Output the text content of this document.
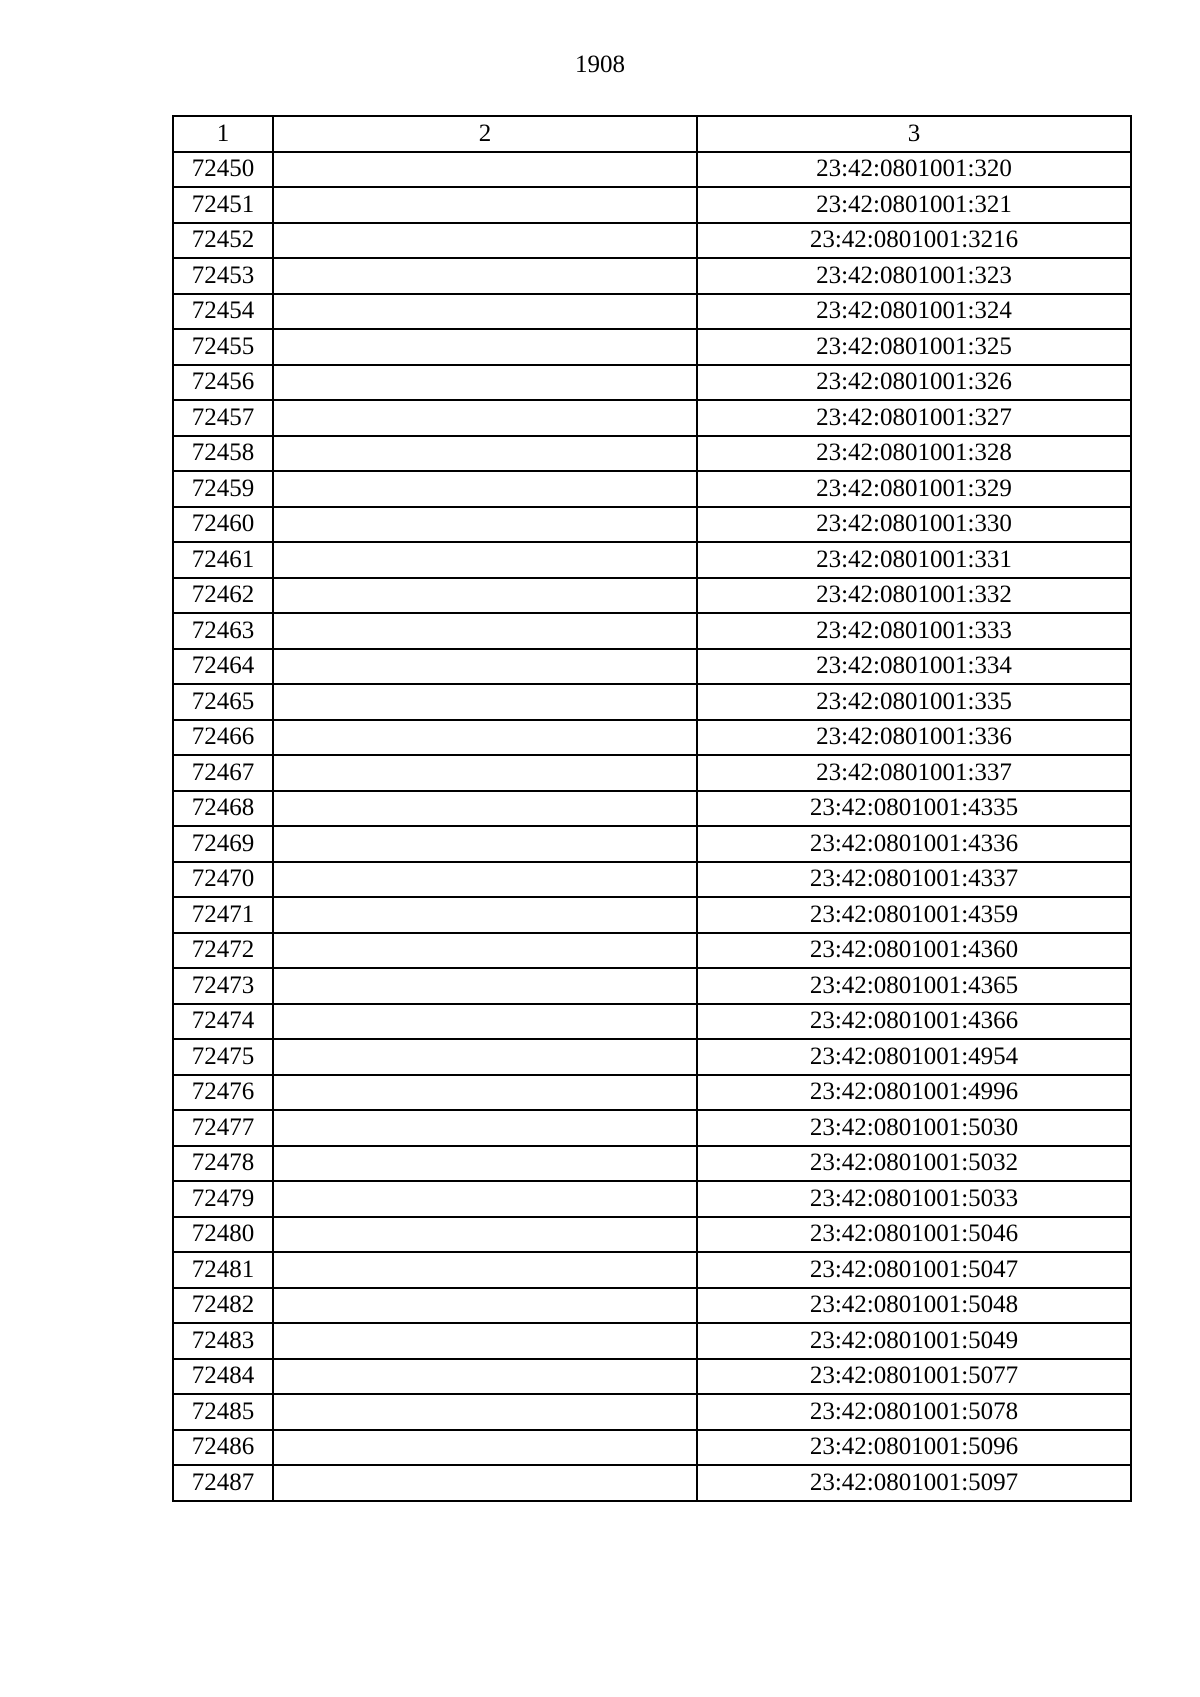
1908
1	2	3
72450		23:42:0801001:320
72451		23:42:0801001:321
72452		23:42:0801001:3216
72453		23:42:0801001:323
72454		23:42:0801001:324
72455		23:42:0801001:325
72456		23:42:0801001:326
72457		23:42:0801001:327
72458		23:42:0801001:328
72459		23:42:0801001:329
72460		23:42:0801001:330
72461		23:42:0801001:331
72462		23:42:0801001:332
72463		23:42:0801001:333
72464		23:42:0801001:334
72465		23:42:0801001:335
72466		23:42:0801001:336
72467		23:42:0801001:337
72468		23:42:0801001:4335
72469		23:42:0801001:4336
72470		23:42:0801001:4337
72471		23:42:0801001:4359
72472		23:42:0801001:4360
72473		23:42:0801001:4365
72474		23:42:0801001:4366
72475		23:42:0801001:4954
72476		23:42:0801001:4996
72477		23:42:0801001:5030
72478		23:42:0801001:5032
72479		23:42:0801001:5033
72480		23:42:0801001:5046
72481		23:42:0801001:5047
72482		23:42:0801001:5048
72483		23:42:0801001:5049
72484		23:42:0801001:5077
72485		23:42:0801001:5078
72486		23:42:0801001:5096
72487		23:42:0801001:5097
